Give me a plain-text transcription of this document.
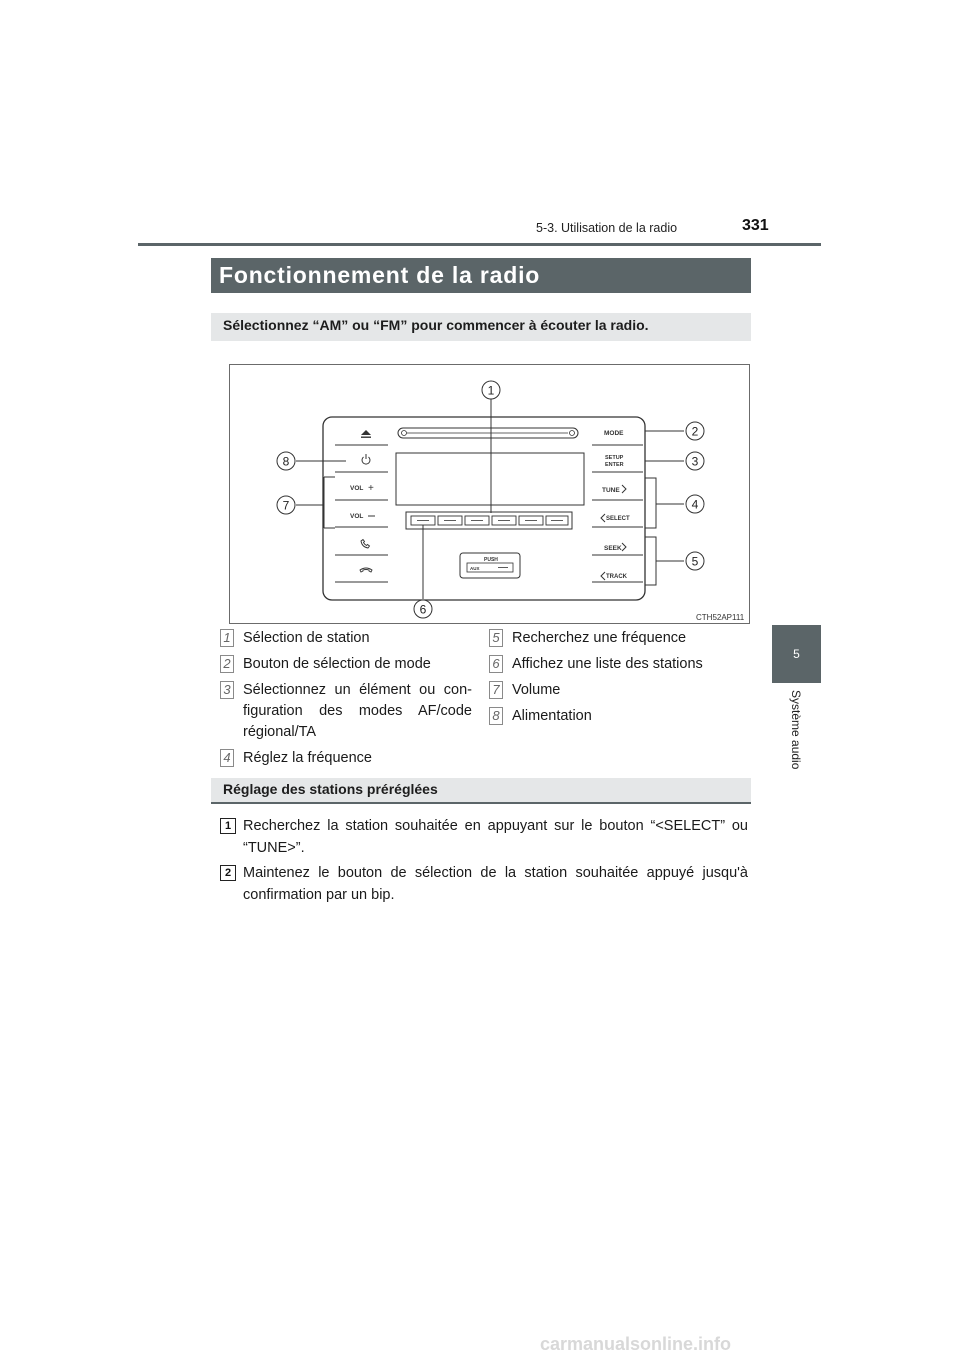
5-3. Utilisation de la radio	331
5
Système audio
Fonctionnement de la radio
Sélectionnez “AM” ou “FM” pour commencer à écouter la radio.
VOL +
VOL
MODE
SETUP
ENTER
TUNE
SELECT
SEEK
TRACK
PUSH
AUX
1
2
3
4
5
6
7
8
CTH52AP111
1 Sélection de station
2 Bouton de sélection de mode
3 Sélectionnez un élément ou con-figuration des modes AF/code régional/TA
4 Réglez la fréquence
5 Recherchez une fréquence
6 Affichez une liste des stations
7 Volume
8 Alimentation
Réglage des stations préréglées
1 Recherchez la station souhaitée en appuyant sur le bouton “<SELECT” ou “TUNE>”.
2 Maintenez le bouton de sélection de la station souhaitée appuyé jusqu'à confirmation par un bip.
carmanualsonline.info
